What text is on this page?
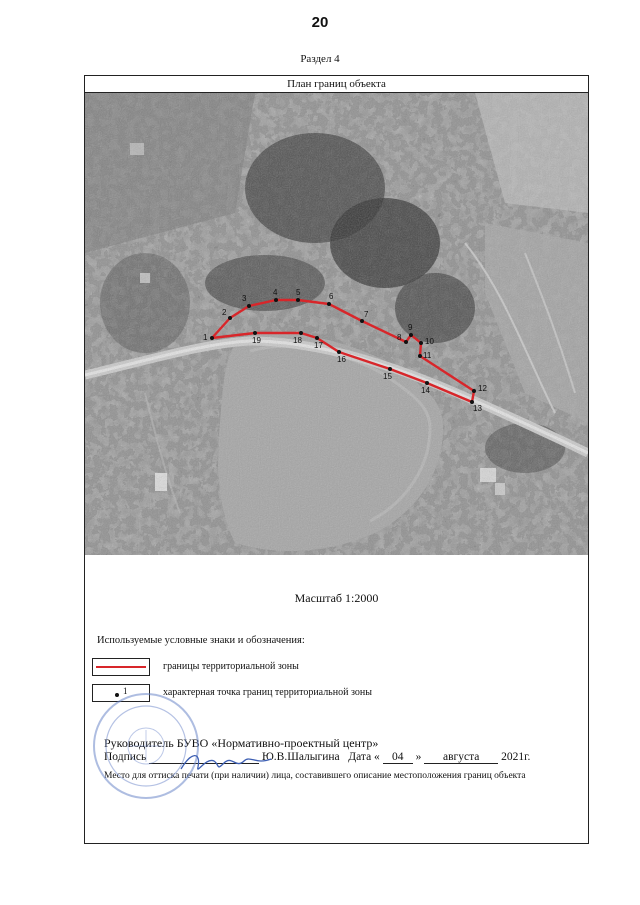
20
Раздел 4
План границ объекта
1
2
3
4 5	6
7
8
9
10
11
12
13
14
15
16
17
18
19
Масштаб 1:2000
Используемые условные знаки и обозначения:
границы территориальной зоны
1	характерная точка границ территориальной зоны
Руководитель БУВО «Нормативно-проектный центр»
Подпись	Ю.В.Шалыгина Дата « 04 » августа 2021г.
Место для оттиска печати (при наличии) лица, составившего описание местоположения границ объекта
